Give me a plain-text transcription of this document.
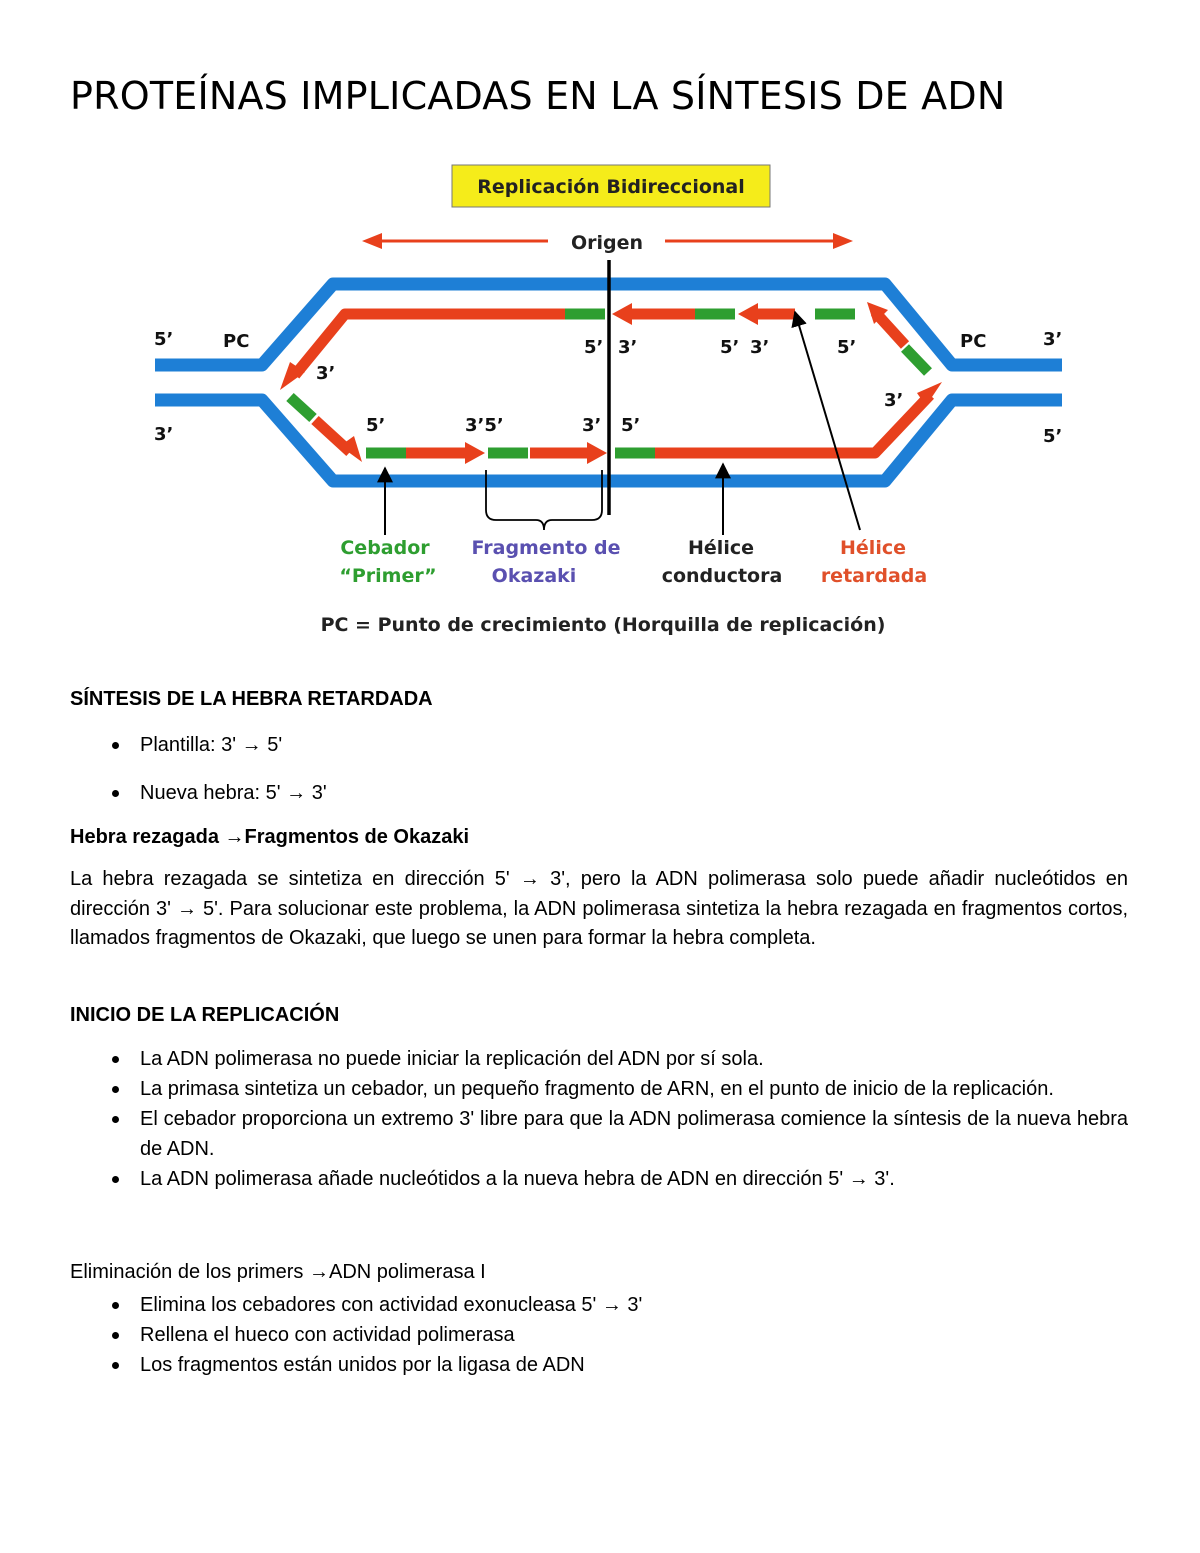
PROTEÍNAS IMPLICADAS EN LA SÍNTESIS DE ADN
Replicación Bidireccional
Origen
5’
3’
3’
5’
PC	PC
5’ 3’	5’ 3’	5’
3’
3’
5’	3’5’	3’ 5’
Cebador
“Primer”
Fragmento de
Okazaki
Hélice
conductora
Hélice
retardada
PC = Punto de crecimiento (Horquilla de replicación)

SÍNTESIS DE LA HEBRA RETARDADA

Plantilla: 3' → 5'
Nueva hebra: 5' → 3'

Hebra rezagada →Fragmentos de Okazaki

La hebra rezagada se sintetiza en dirección 5' → 3', pero la ADN polimerasa solo puede añadir nucleótidos en dirección 3' → 5'. Para solucionar este problema, la ADN polimerasa sintetiza la hebra rezagada en fragmentos cortos, llamados fragmentos de Okazaki, que luego se unen para formar la hebra completa.

INICIO DE LA REPLICACIÓN

La ADN polimerasa no puede iniciar la replicación del ADN por sí sola.
La primasa sintetiza un cebador, un pequeño fragmento de ARN, en el punto de inicio de la replicación.
El cebador proporciona un extremo 3' libre para que la ADN polimerasa comience la síntesis de la nueva hebra de ADN.
La ADN polimerasa añade nucleótidos a la nueva hebra de ADN en dirección 5' → 3'.

Eliminación de los primers →ADN polimerasa I

Elimina los cebadores con actividad exonucleasa 5' → 3'
Rellena el hueco con actividad polimerasa
Los fragmentos están unidos por la ligasa de ADN
